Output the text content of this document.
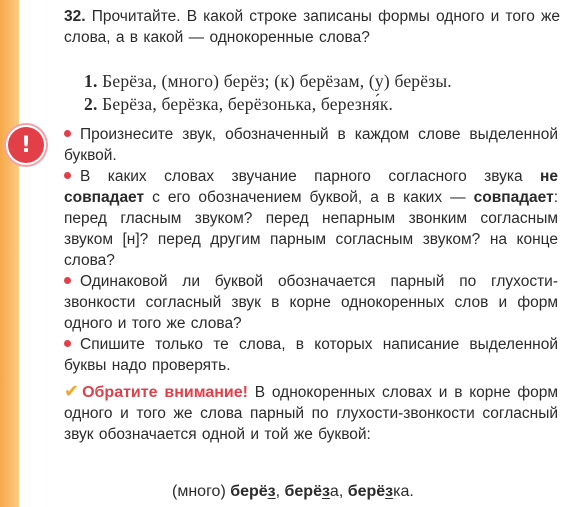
32. Прочитайте. В какой строке записаны формы одного и того же слова, а в какой — однокоренные слова?

1. Берёза, (много) берёз; (к) берёзам, (у) берёзы.
2. Берёза, берёзка, берёзонька, березня́к.
!	Произнесите звук, обозначенный в каждом слове выделенной буквой.

В каких словах звучание парного согласного звука не совпадает с его обозначением буквой, а в каких — совпадает: перед гласным звуком? перед непарным звонким согласным звуком [н]? перед другим парным согласным звуком? на конце слова?

Одинаковой ли буквой обозначается парный по глухости-звонкости согласный звук в корне однокоренных слов и форм одного и того же слова?

Спишите только те слова, в которых написание выделенной буквы надо проверять.

✔ Обратите внимание! В однокоренных словах и в корне форм одного и того же слова парный по глухости-звонкости согласный звук обозначается одной и той же буквой:

(много) берёз, берёза, берёзка.
